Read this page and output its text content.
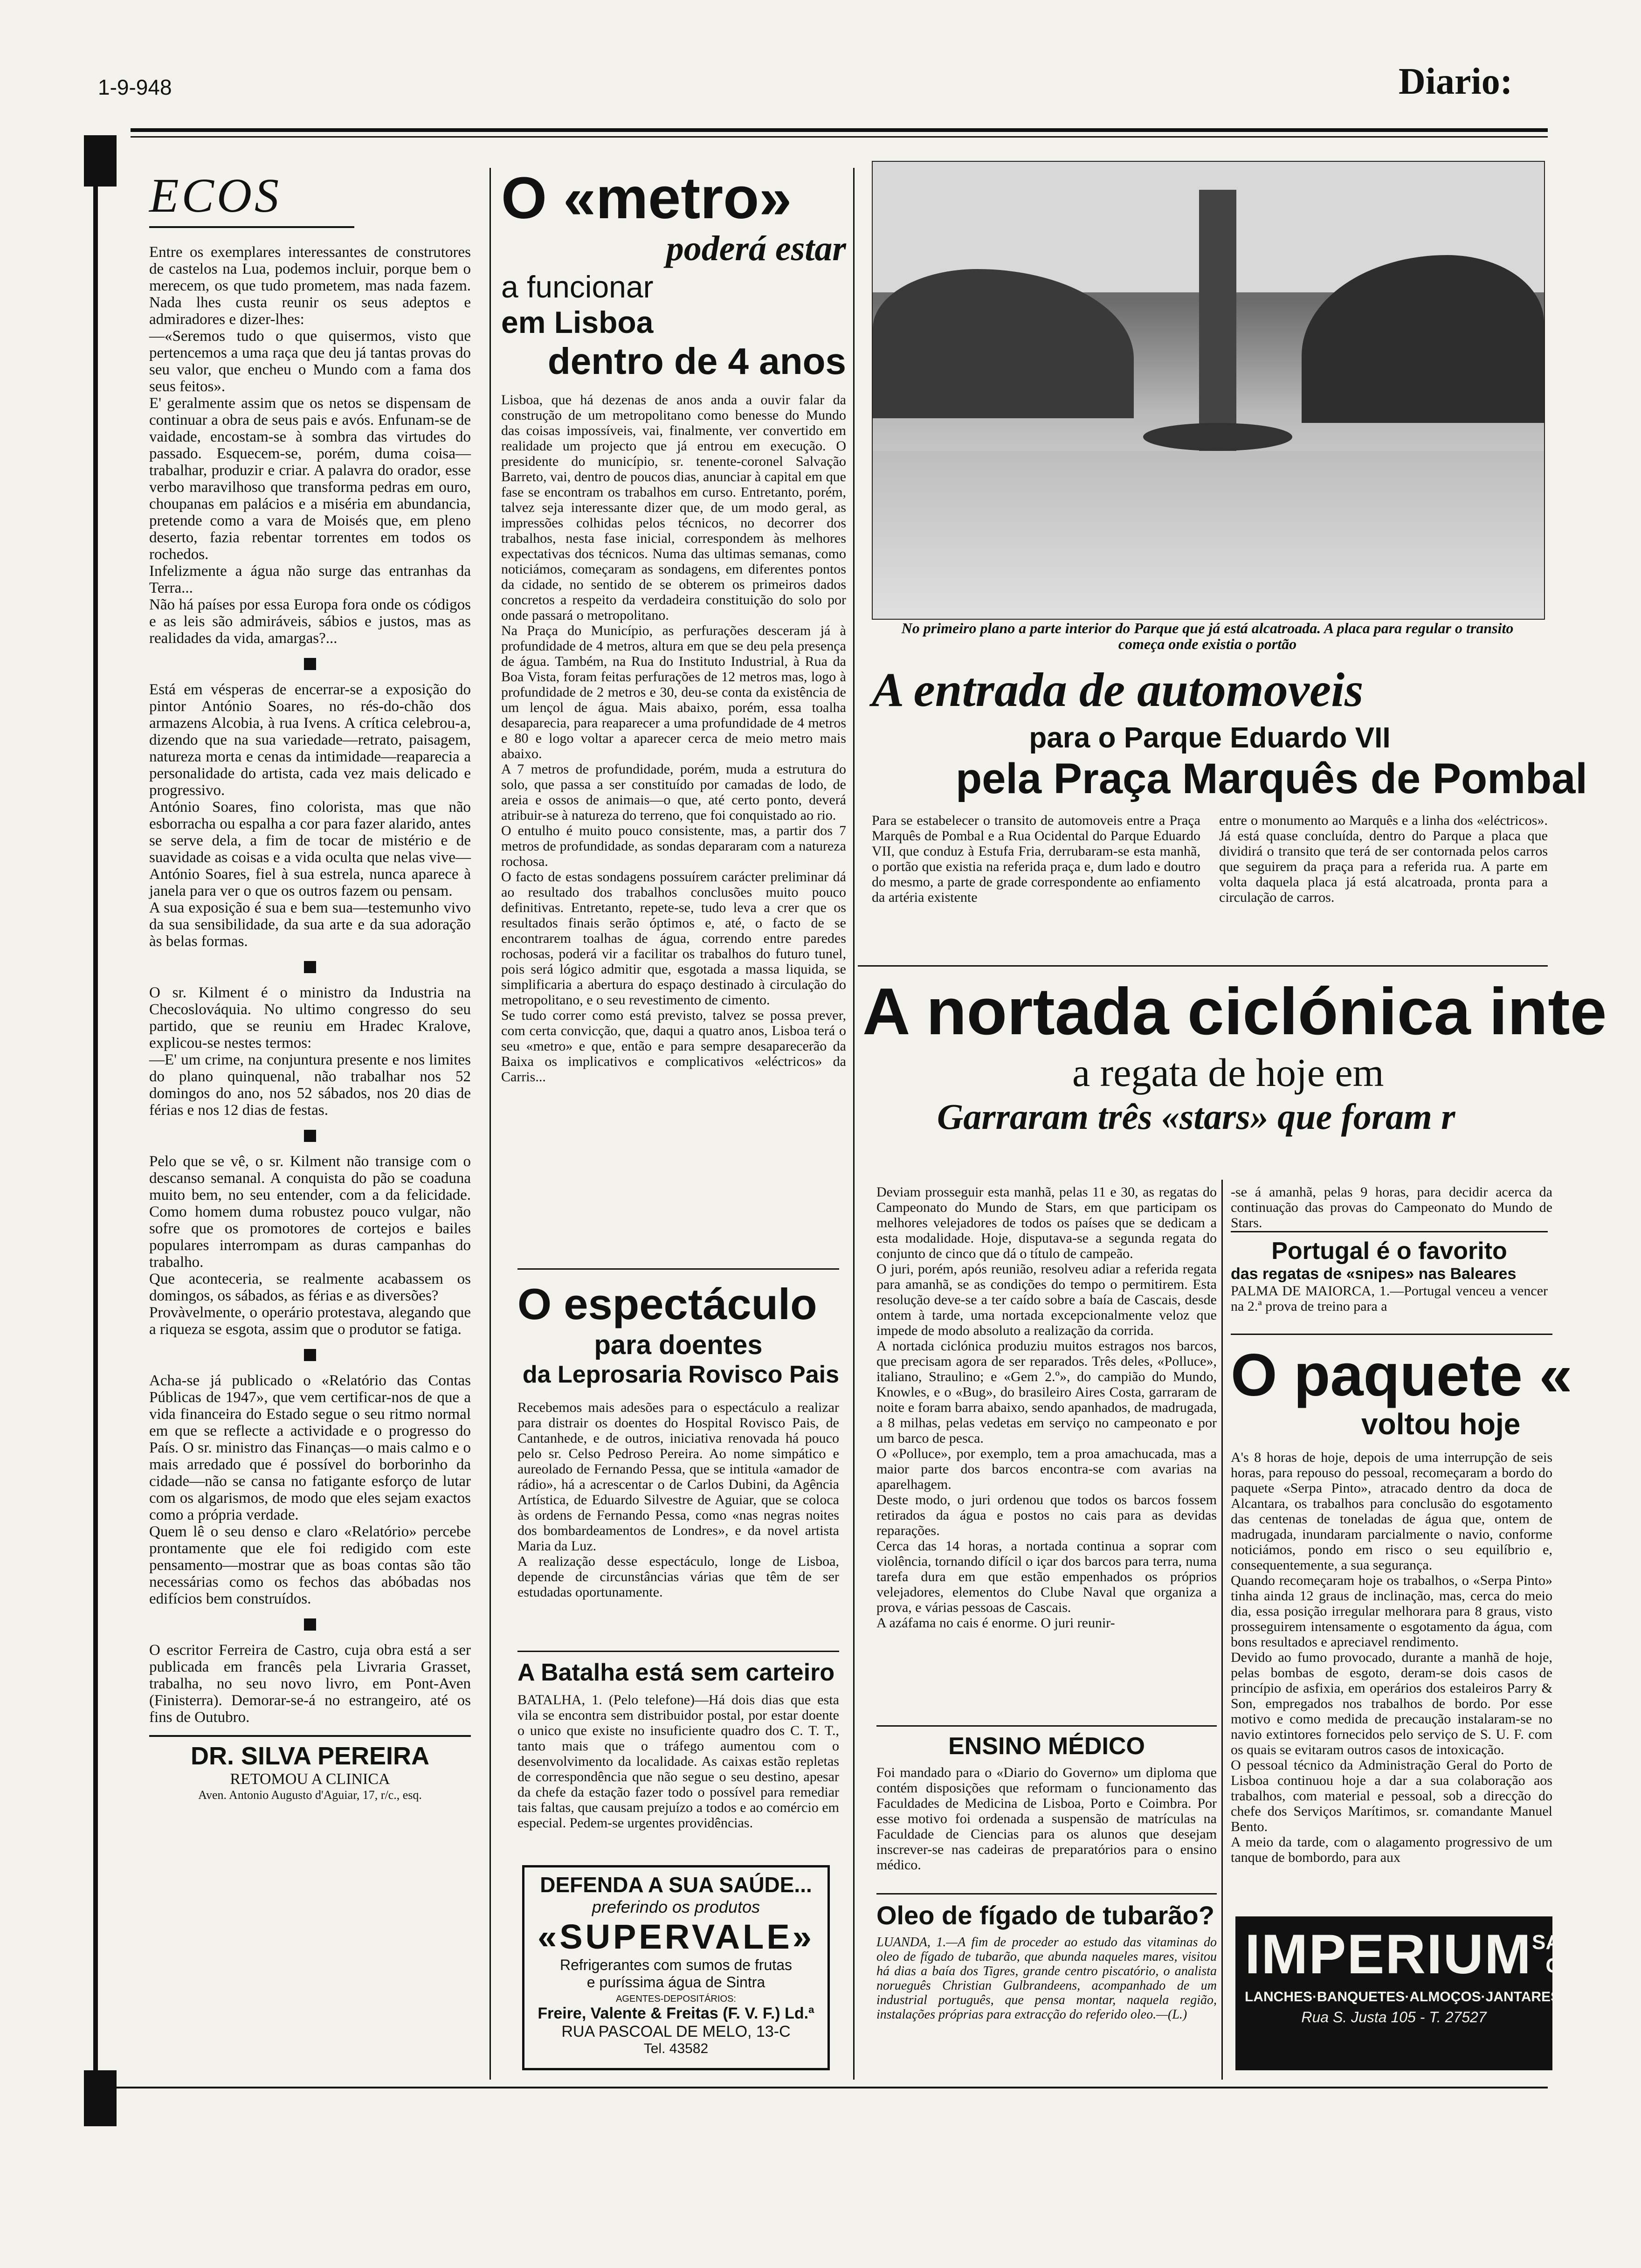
1-9-948	Diario:
ECOS
Entre os exemplares interessantes de construtores de castelos na Lua, podemos incluir, porque bem o merecem, os que tudo prometem, mas nada fazem. Nada lhes custa reunir os seus adeptos e admiradores e dizer-lhes:
—«Seremos tudo o que quisermos, visto que pertencemos a uma raça que deu já tantas provas do seu valor, que encheu o Mundo com a fama dos seus feitos».
E' geralmente assim que os netos se dispensam de continuar a obra de seus pais e avós. Enfunam-se de vaidade, encostam-se à sombra das virtudes do passado. Esquecem-se, porém, duma coisa—trabalhar, produzir e criar. A palavra do orador, esse verbo maravilhoso que transforma pedras em ouro, choupanas em palácios e a miséria em abundancia, pretende como a vara de Moisés que, em pleno deserto, fazia rebentar torrentes em todos os rochedos.
Infelizmente a água não surge das entranhas da Terra...
Não há países por essa Europa fora onde os códigos e as leis são admiráveis, sábios e justos, mas as realidades da vida, amargas?...
Está em vésperas de encerrar-se a exposição do pintor António Soares, no rés-do-chão dos armazens Alcobia, à rua Ivens. A crítica celebrou-a, dizendo que na sua variedade—retrato, paisagem, natureza morta e cenas da intimidade—reaparecia a personalidade do artista, cada vez mais delicado e progressivo.
António Soares, fino colorista, mas que não esborracha ou espalha a cor para fazer alarido, antes se serve dela, a fim de tocar de mistério e de suavidade as coisas e a vida oculta que nelas vive—António Soares, fiel à sua estrela, nunca aparece à janela para ver o que os outros fazem ou pensam.
A sua exposição é sua e bem sua—testemunho vivo da sua sensibilidade, da sua arte e da sua adoração às belas formas.
O sr. Kilment é o ministro da Industria na Checoslováquia. No ultimo congresso do seu partido, que se reuniu em Hradec Kralove, explicou-se nestes termos:
—E' um crime, na conjuntura presente e nos limites do plano quinquenal, não trabalhar nos 52 domingos do ano, nos 52 sábados, nos 20 dias de férias e nos 12 dias de festas.
Pelo que se vê, o sr. Kilment não transige com o descanso semanal. A conquista do pão se coaduna muito bem, no seu entender, com a da felicidade. Como homem duma robustez pouco vulgar, não sofre que os promotores de cortejos e bailes populares interrompam as duras campanhas do trabalho.
Que aconteceria, se realmente acabassem os domingos, os sábados, as férias e as diversões?
Provàvelmente, o operário protestava, alegando que a riqueza se esgota, assim que o produtor se fatiga.
Acha-se já publicado o «Relatório das Contas Públicas de 1947», que vem certificar-nos de que a vida financeira do Estado segue o seu ritmo normal em que se reflecte a actividade e o progresso do País. O sr. ministro das Finanças—o mais calmo e o mais arredado que é possível do borborinho da cidade—não se cansa no fatigante esforço de lutar com os algarismos, de modo que eles sejam exactos como a própria verdade.
Quem lê o seu denso e claro «Relatório» percebe prontamente que ele foi redigido com este pensamento—mostrar que as boas contas são tão necessárias como os fechos das abóbadas nos edifícios bem construídos.
O escritor Ferreira de Castro, cuja obra está a ser publicada em francês pela Livraria Grasset, trabalha, no seu novo livro, em Pont-Aven (Finisterra). Demorar-se-á no estrangeiro, até os fins de Outubro.
DR. SILVA PEREIRA
RETOMOU A CLINICA
Aven. Antonio Augusto d'Aguiar, 17, r/c., esq.
O «metro»
poderá estar
a funcionar
em Lisboa
dentro de 4 anos
Lisboa, que há dezenas de anos anda a ouvir falar da construção de um metropolitano como benesse do Mundo das coisas impossíveis, vai, finalmente, ver convertido em realidade um projecto que já entrou em execução. O presidente do município, sr. tenente-coronel Salvação Barreto, vai, dentro de poucos dias, anunciar à capital em que fase se encontram os trabalhos em curso. Entretanto, porém, talvez seja interessante dizer que, de um modo geral, as impressões colhidas pelos técnicos, no decorrer dos trabalhos, nesta fase inicial, correspondem às melhores expectativas dos técnicos. Numa das ultimas semanas, como noticiámos, começaram as sondagens, em diferentes pontos da cidade, no sentido de se obterem os primeiros dados concretos a respeito da verdadeira constituição do solo por onde passará o metropolitano.
Na Praça do Município, as perfurações desceram já à profundidade de 4 metros, altura em que se deu pela presença de água. Também, na Rua do Instituto Industrial, à Rua da Boa Vista, foram feitas perfurações de 12 metros mas, logo à profundidade de 2 metros e 30, deu-se conta da existência de um lençol de água. Mais abaixo, porém, essa toalha desaparecia, para reaparecer a uma profundidade de 4 metros e 80 e logo voltar a aparecer cerca de meio metro mais abaixo.
A 7 metros de profundidade, porém, muda a estrutura do solo, que passa a ser constituído por camadas de lodo, de areia e ossos de animais—o que, até certo ponto, deverá atribuir-se à natureza do terreno, que foi conquistado ao rio.
O entulho é muito pouco consistente, mas, a partir dos 7 metros de profundidade, as sondas depararam com a natureza rochosa.
O facto de estas sondagens possuírem carácter preliminar dá ao resultado dos trabalhos conclusões muito pouco definitivas. Entretanto, repete-se, tudo leva a crer que os resultados finais serão óptimos e, até, o facto de se encontrarem toalhas de água, correndo entre paredes rochosas, poderá vir a facilitar os trabalhos do futuro tunel, pois será lógico admitir que, esgotada a massa liquida, se simplificaria a abertura do espaço destinado à circulação do metropolitano, e o seu revestimento de cimento.
Se tudo correr como está previsto, talvez se possa prever, com certa convicção, que, daqui a quatro anos, Lisboa terá o seu «metro» e que, então e para sempre desaparecerão da Baixa os implicativos e complicativos «eléctricos» da Carris...
O espectáculo
para doentes
da Leprosaria Rovisco Pais
Recebemos mais adesões para o espectáculo a realizar para distrair os doentes do Hospital Rovisco Pais, de Cantanhede, e de outros, iniciativa renovada há pouco pelo sr. Celso Pedroso Pereira. Ao nome simpático e aureolado de Fernando Pessa, que se intitula «amador de rádio», há a acrescentar o de Carlos Dubini, da Agência Artística, de Eduardo Silvestre de Aguiar, que se coloca às ordens de Fernando Pessa, como «nas negras noites dos bombardeamentos de Londres», e da novel artista Maria da Luz.
A realização desse espectáculo, longe de Lisboa, depende de circunstâncias várias que têm de ser estudadas oportunamente.
A Batalha está sem carteiro
BATALHA, 1. (Pelo telefone)—Há dois dias que esta vila se encontra sem distribuidor postal, por estar doente o unico que existe no insuficiente quadro dos C. T. T., tanto mais que o tráfego aumentou com o desenvolvimento da localidade. As caixas estão repletas de correspondência que não segue o seu destino, apesar da chefe da estação fazer todo o possível para remediar tais faltas, que causam prejuízo a todos e ao comércio em especial. Pedem-se urgentes providências.
DEFENDA A SUA SAÚDE...
preferindo os produtos
«SUPERVALE»
Refrigerantes com sumos de frutas
e puríssima água de Sintra
AGENTES-DEPOSITÁRIOS:
Freire, Valente & Freitas (F. V. F.) Ld.ª
RUA PASCOAL DE MELO, 13-C
Tel. 43582
No primeiro plano a parte interior do Parque que já está alcatroada. A placa para regular o transito começa onde existia o portão
A entrada de automoveis
para o Parque Eduardo VII
pela Praça Marquês de Pombal
Para se estabelecer o transito de automoveis entre a Praça Marquês de Pombal e a Rua Ocidental do Parque Eduardo VII, que conduz à Estufa Fria, derrubaram-se esta manhã, o portão que existia na referida praça e, dum lado e doutro do mesmo, a parte de grade correspondente ao enfiamento da artéria existente
entre o monumento ao Marquês e a linha dos «eléctricos». Já está quase concluída, dentro do Parque a placa que dividirá o transito que terá de ser contornada pelos carros que seguirem da praça para a referida rua. A parte em volta daquela placa já está alcatroada, pronta para a circulação de carros.
A nortada ciclónica inte
a regata de hoje em
Garraram três «stars» que foram r
Deviam prosseguir esta manhã, pelas 11 e 30, as regatas do Campeonato do Mundo de Stars, em que participam os melhores velejadores de todos os países que se dedicam a esta modalidade. Hoje, disputava-se a segunda regata do conjunto de cinco que dá o título de campeão.
O juri, porém, após reunião, resolveu adiar a referida regata para amanhã, se as condições do tempo o permitirem. Esta resolução deve-se a ter caído sobre a baía de Cascais, desde ontem à tarde, uma nortada excepcionalmente veloz que impede de modo absoluto a realização da corrida.
A nortada ciclónica produziu muitos estragos nos barcos, que precisam agora de ser reparados. Três deles, «Polluce», italiano, Straulino; e «Gem 2.º», do campião do Mundo, Knowles, e o «Bug», do brasileiro Aires Costa, garraram de noite e foram barra abaixo, sendo apanhados, de madrugada, a 8 milhas, pelas vedetas em serviço no campeonato e por um barco de pesca.
O «Polluce», por exemplo, tem a proa amachucada, mas a maior parte dos barcos encontra-se com avarias na aparelhagem.
Deste modo, o juri ordenou que todos os barcos fossem retirados da água e postos no cais para as devidas reparações.
Cerca das 14 horas, a nortada continua a soprar com violência, tornando difícil o içar dos barcos para terra, numa tarefa dura em que estão empenhados os próprios velejadores, elementos do Clube Naval que organiza a prova, e várias pessoas de Cascais.
A azáfama no cais é enorme. O juri reunir-
ENSINO MÉDICO
Foi mandado para o «Diario do Governo» um diploma que contém disposições que reformam o funcionamento das Faculdades de Medicina de Lisboa, Porto e Coimbra. Por esse motivo foi ordenada a suspensão de matrículas na Faculdade de Ciencias para os alunos que desejam inscrever-se nas cadeiras de preparatórios para o ensino médico.
Oleo de fígado de tubarão?
LUANDA, 1.—A fim de proceder ao estudo das vitaminas do oleo de fígado de tubarão, que abunda naqueles mares, visitou há dias a baía dos Tigres, grande centro piscatório, o analista norueguês Christian Gulbrandeens, acompanhado de um industrial português, que pensa montar, naquela região, instalações próprias para extracção do referido oleo.—(L.)
-se á amanhã, pelas 9 horas, para decidir acerca da continuação das provas do Campeonato do Mundo de Stars.
Portugal é o favorito
das regatas de «snipes» nas Baleares
PALMA DE MAIORCA, 1.—Portugal venceu a vencer na 2.ª prova de treino para a
O paquete «
voltou hoje
A's 8 horas de hoje, depois de uma interrupção de seis horas, para repouso do pessoal, recomeçaram a bordo do paquete «Serpa Pinto», atracado dentro da doca de Alcantara, os trabalhos para conclusão do esgotamento das centenas de toneladas de água que, ontem de madrugada, inundaram parcialmente o navio, conforme noticiámos, pondo em risco o seu equilíbrio e, consequentemente, a sua segurança.
Quando recomeçaram hoje os trabalhos, o «Serpa Pinto» tinha ainda 12 graus de inclinação, mas, cerca do meio dia, essa posição irregular melhorara para 8 graus, visto prosseguirem intensamente o esgotamento da água, com bons resultados e apreciavel rendimento.
Devido ao fumo provocado, durante a manhã de hoje, pelas bombas de esgoto, deram-se dois casos de princípio de asfixia, em operários dos estaleiros Parry & Son, empregados nos trabalhos de bordo. Por esse motivo e como medida de precaução instalaram-se no navio extintores fornecidos pelo serviço de S. U. F. com os quais se evitaram outros casos de intoxicação.
O pessoal técnico da Administração Geral do Porto de Lisboa continuou hoje a dar a sua colaboração aos trabalhos, com material e pessoal, sob a direcção do chefe dos Serviços Marítimos, sr. comandante Manuel Bento.
A meio da tarde, com o alagamento progressivo de um tanque de bombordo, para aux
IMPERIUM SALAO
CHA
LANCHES·BANQUETES·ALMOÇOS·JANTARES
Rua S. Justa 105 - T. 27527
